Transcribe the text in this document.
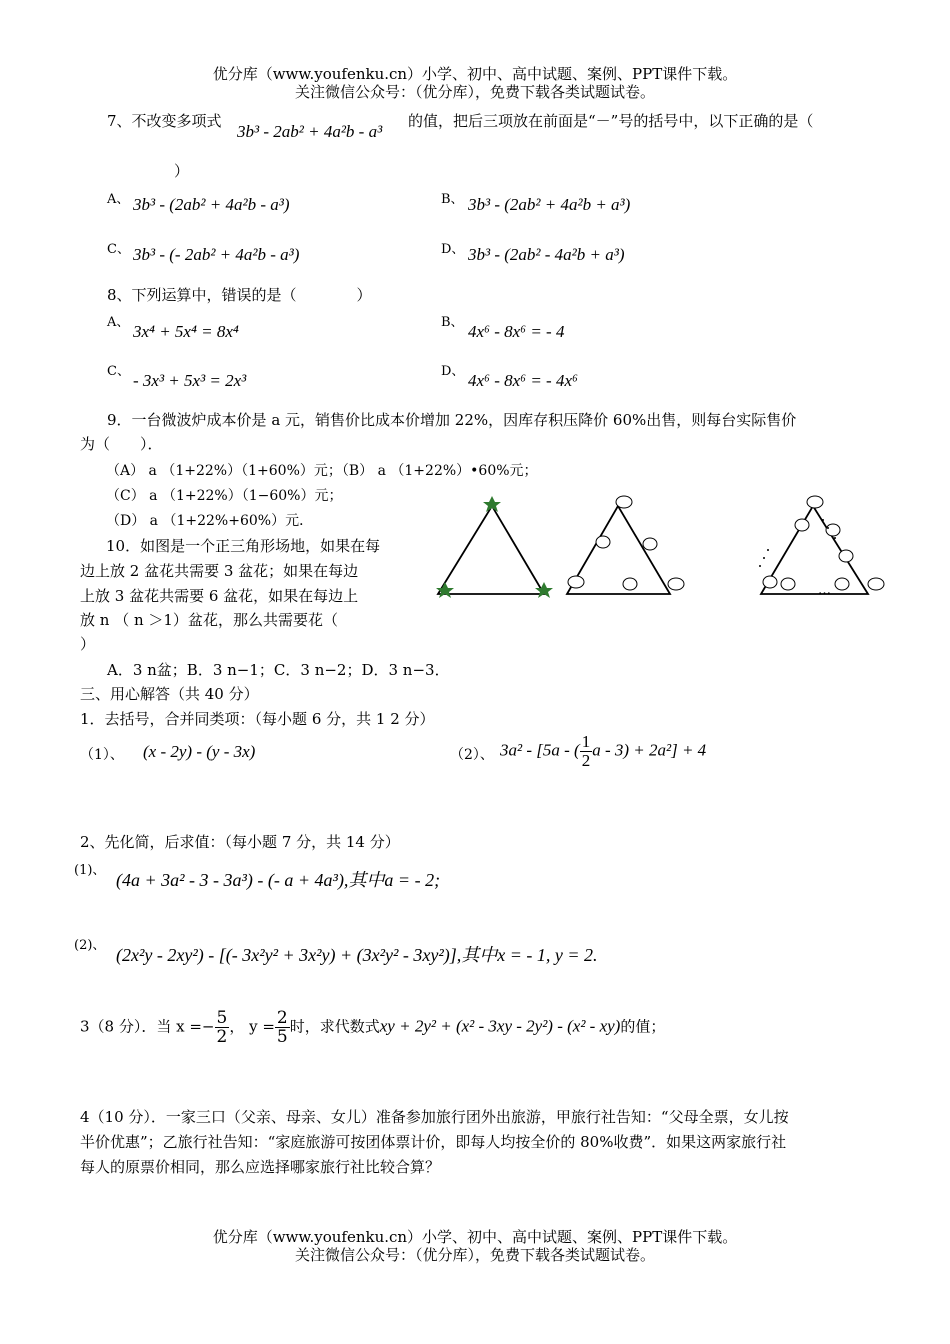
优分库（www.youfenku.cn）小学、初中、高中试题、案例、PPT课件下载。
关注微信公众号：（优分库），免费下载各类试题试卷。
7、不改变多项式
3b³ - 2ab² + 4a²b - a³
的值，把后三项放在前面是“－”号的括号中，以下正确的是（
）
A、 3b³ - (2ab² + 4a²b - a³)	B、 3b³ - (2ab² + 4a²b + a³)
C、 3b³ - (- 2ab² + 4a²b - a³)	D、 3b³ - (2ab² - 4a²b + a³)
8、下列运算中，错误的是（　　　　）
A、 3x⁴ + 5x⁴ = 8x⁴	B、 4x⁶ - 8x⁶ = - 4
C、 - 3x³ + 5x³ = 2x³	D、 4x⁶ - 8x⁶ = - 4x⁶
9．一台微波炉成本价是 a 元，销售价比成本价增加 22%，因库存积压降价 60%出售，则每台实际售价
为（　　）．
（A） a （1+22%）（1+60%）元；（B） a （1+22%）•60%元；
（C） a （1+22%）（1−60%）元；
（D） a （1+22%+60%）元．
10．如图是一个正三角形场地，如果在每
边上放 2 盆花共需要 3 盆花；如果在每边
上放 3 盆花共需要 6 盆花，如果在每边上
放 n （ n ＞1）盆花，那么共需要花（
）
A．3 n盆；B．3 n−1；C．3 n−2；D．3 n−3．
…
三、用心解答（共 40 分）
1．去括号，合并同类项：（每小题 6 分，共 1 2 分）
（1）、 (x - 2y) - (y - 3x)	（2）、 3a² - [5a - ( $\frac{1}{2}$ a - 3) + 2a²] + 4
2、先化简，后求值：（每小题 7 分，共 14 分）
(1)、 (4a + 3a² - 3 - 3a³) - (- a + 4a³),其中a = - 2;
(2)、 (2x²y - 2xy²) - [(- 3x²y² + 3x²y) + (3x²y² - 3xy²)],其中x = - 1, y = 2.
3（8 分）．当 $x =- \frac{5}{2}$ ， $y = \frac{2}{5}$ 时，求代数式xy + 2y² + (x² - 3xy - 2y²) - (x² - xy)的值；
4（10 分）．一家三口（父亲、母亲、女儿）准备参加旅行团外出旅游，甲旅行社告知：“父母全票，女儿按
半价优惠”；乙旅行社告知：“家庭旅游可按团体票计价，即每人均按全价的 80%收费”．如果这两家旅行社
每人的原票价相同，那么应选择哪家旅行社比较合算？
优分库（www.youfenku.cn）小学、初中、高中试题、案例、PPT课件下载。
关注微信公众号：（优分库），免费下载各类试题试卷。
